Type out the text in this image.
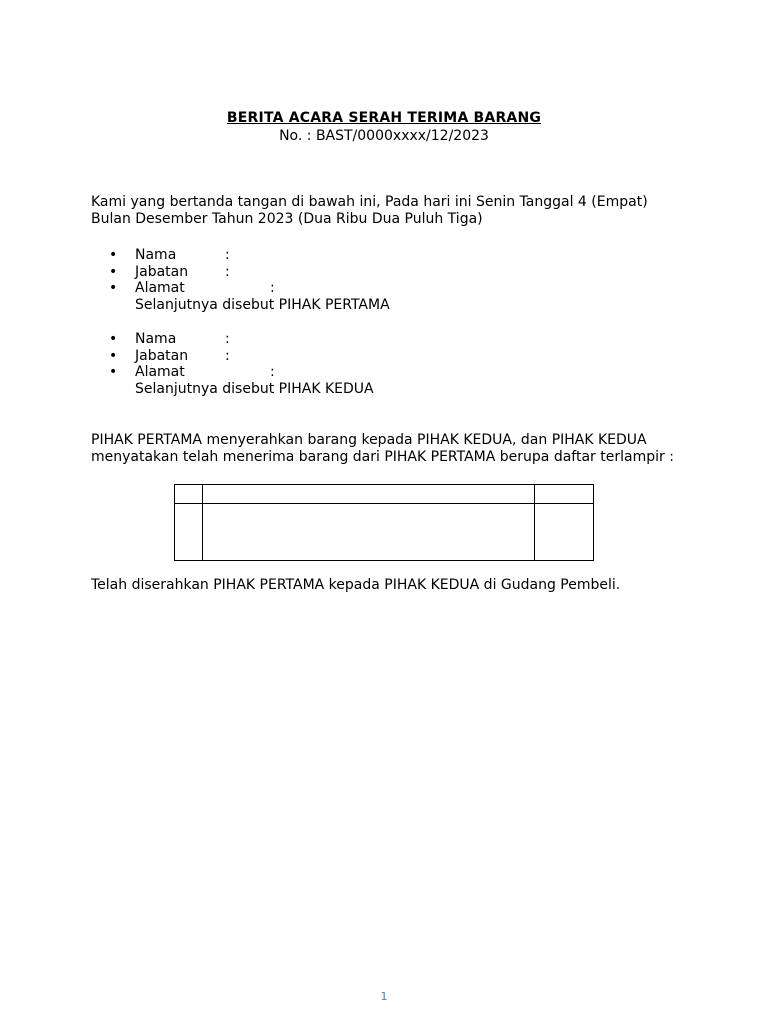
BERITA ACARA SERAH TERIMA BARANG
No. : BAST/0000xxxx/12/2023
Kami yang bertanda tangan di bawah ini, Pada hari ini Senin Tanggal 4 (Empat)
Bulan Desember Tahun 2023 (Dua Ribu Dua Puluh Tiga)
• Nama	:
• Jabatan	:
• Alamat	:
Selanjutnya disebut PIHAK PERTAMA
• Nama	:
• Jabatan	:
• Alamat	:
Selanjutnya disebut PIHAK KEDUA
PIHAK PERTAMA menyerahkan barang kepada PIHAK KEDUA, dan PIHAK KEDUA
menyatakan telah menerima barang dari PIHAK PERTAMA berupa daftar terlampir :

Telah diserahkan PIHAK PERTAMA kepada PIHAK KEDUA di Gudang Pembeli.
1
